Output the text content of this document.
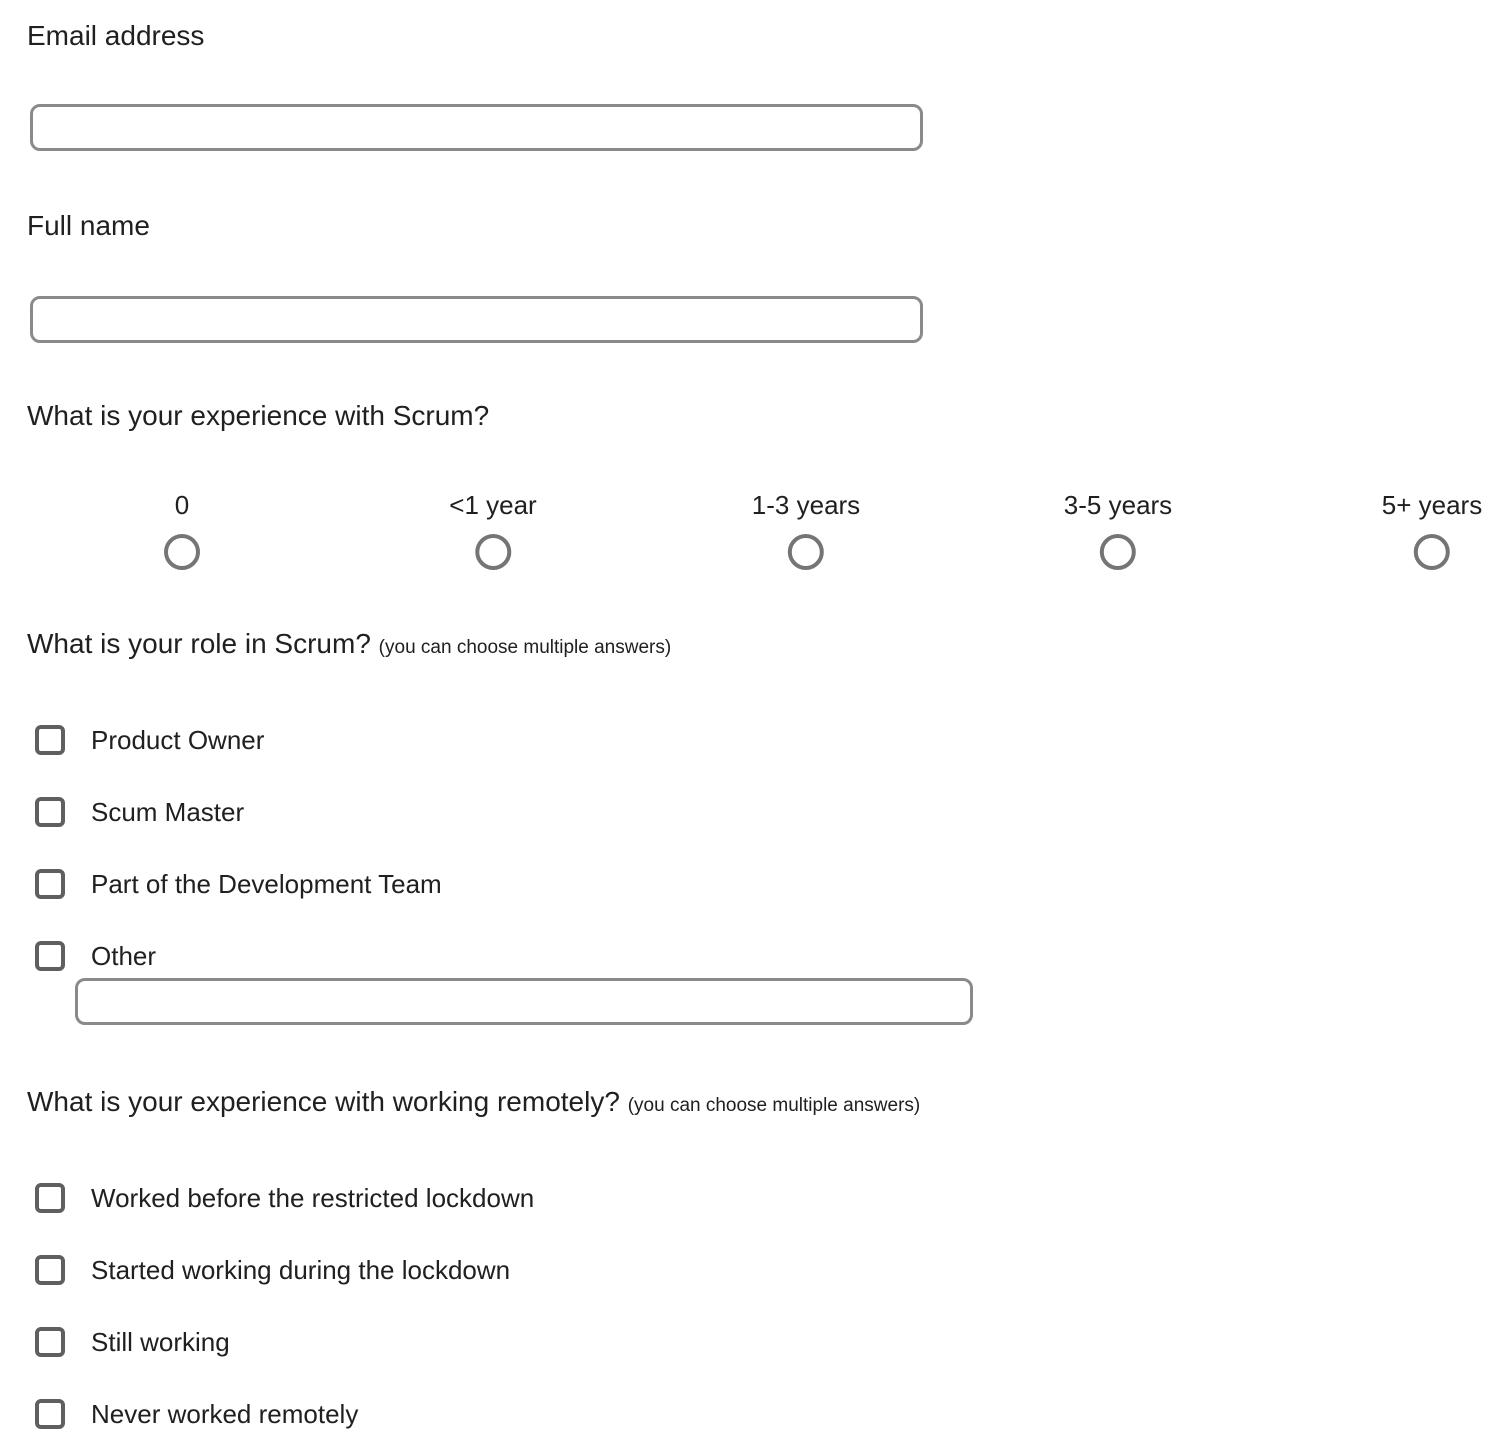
Email address
Full name
What is your experience with Scrum?
0	<1 year	1-3 years	3-5 years	5+ years
What is your role in Scrum? (you can choose multiple answers)
Product Owner
Scum Master
Part of the Development Team
Other
What is your experience with working remotely? (you can choose multiple answers)
Worked before the restricted lockdown
Started working during the lockdown
Still working
Never worked remotely
